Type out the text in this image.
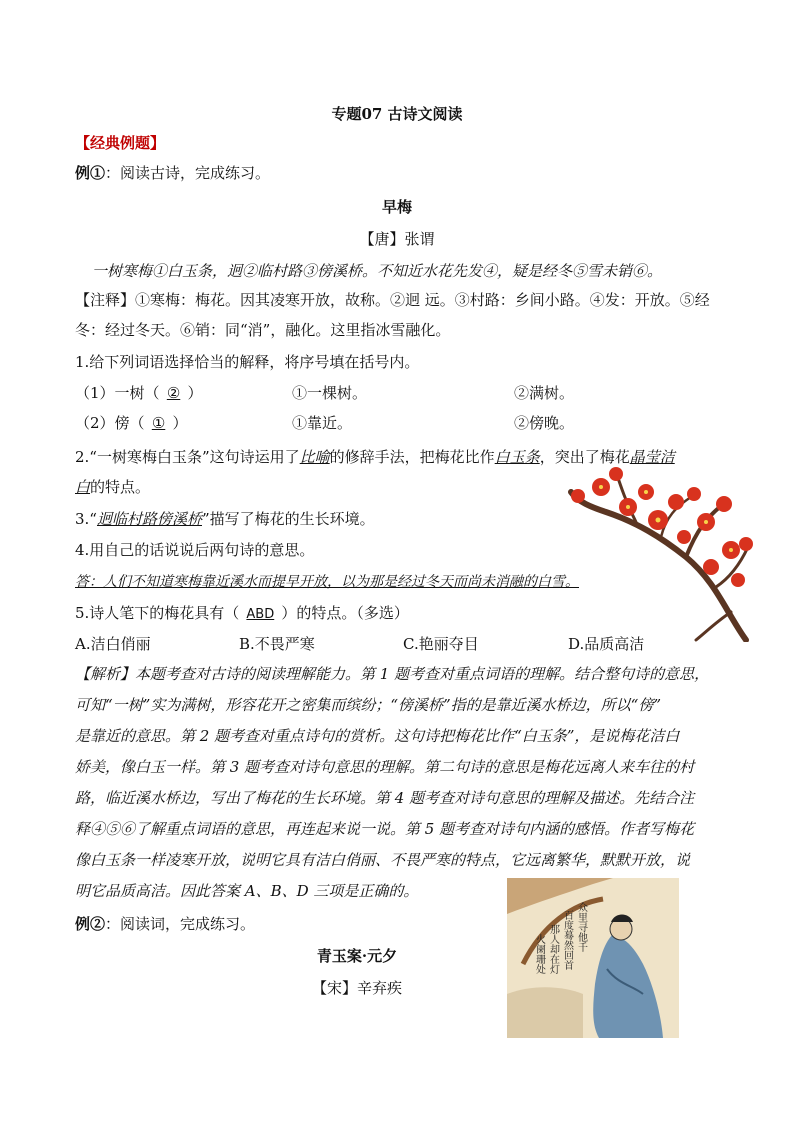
专题07 古诗文阅读
【经典例题】
例①：阅读古诗，完成练习。
早梅
【唐】张谓
一树寒梅①白玉条，迥②临村路③傍溪桥。不知近水花先发④，疑是经冬⑤雪未销⑥。
【注释】①寒梅：梅花。因其凌寒开放，故称。②迥 远。③村路：乡间小路。④发：开放。⑤经
冬：经过冬天。⑥销：同“消”，融化。这里指冰雪融化。
1.给下列词语选择恰当的解释，将序号填在括号内。
（1）一树（ ② ）	①一棵树。	②满树。
（2）傍（ ① ）	①靠近。	②傍晚。
2.“一树寒梅白玉条”这句诗运用了比喻的修辞手法，把梅花比作白玉条，突出了梅花晶莹洁
白的特点。
3.“迥临村路傍溪桥”描写了梅花的生长环境。
4.用自己的话说说后两句诗的意思。
答：人们不知道寒梅靠近溪水而提早开放，以为那是经过冬天而尚未消融的白雪。
5.诗人笔下的梅花具有（ ABD ）的特点。（多选）
A.洁白俏丽	B.不畏严寒	C.艳丽夺目	D.品质高洁
【解析】本题考查对古诗的阅读理解能力。第 1 题考查对重点词语的理解。结合整句诗的意思，
可知“一树”实为满树，形容花开之密集而缤纷；“傍溪桥”指的是靠近溪水桥边，所以“傍”
是靠近的意思。第 2 题考查对重点诗句的赏析。这句诗把梅花比作“白玉条”，是说梅花洁白
娇美，像白玉一样。第 3 题考查对诗句意思的理解。第二句诗的意思是梅花远离人来车往的村
路，临近溪水桥边，写出了梅花的生长环境。第 4 题考查对诗句意思的理解及描述。先结合注
释④⑤⑥了解重点词语的意思，再连起来说一说。第 5 题考查对诗句内涵的感悟。作者写梅花
像白玉条一样凌寒开放，说明它具有洁白俏丽、不畏严寒的特点，它远离繁华，默默开放，说
明它品质高洁。因此答案 A、B、D 三项是正确的。
例②：阅读词，完成练习。
青玉案·元夕
【宋】辛弃疾
众里寻他千
百度蓦然回首
那人却在灯
火阑珊处
